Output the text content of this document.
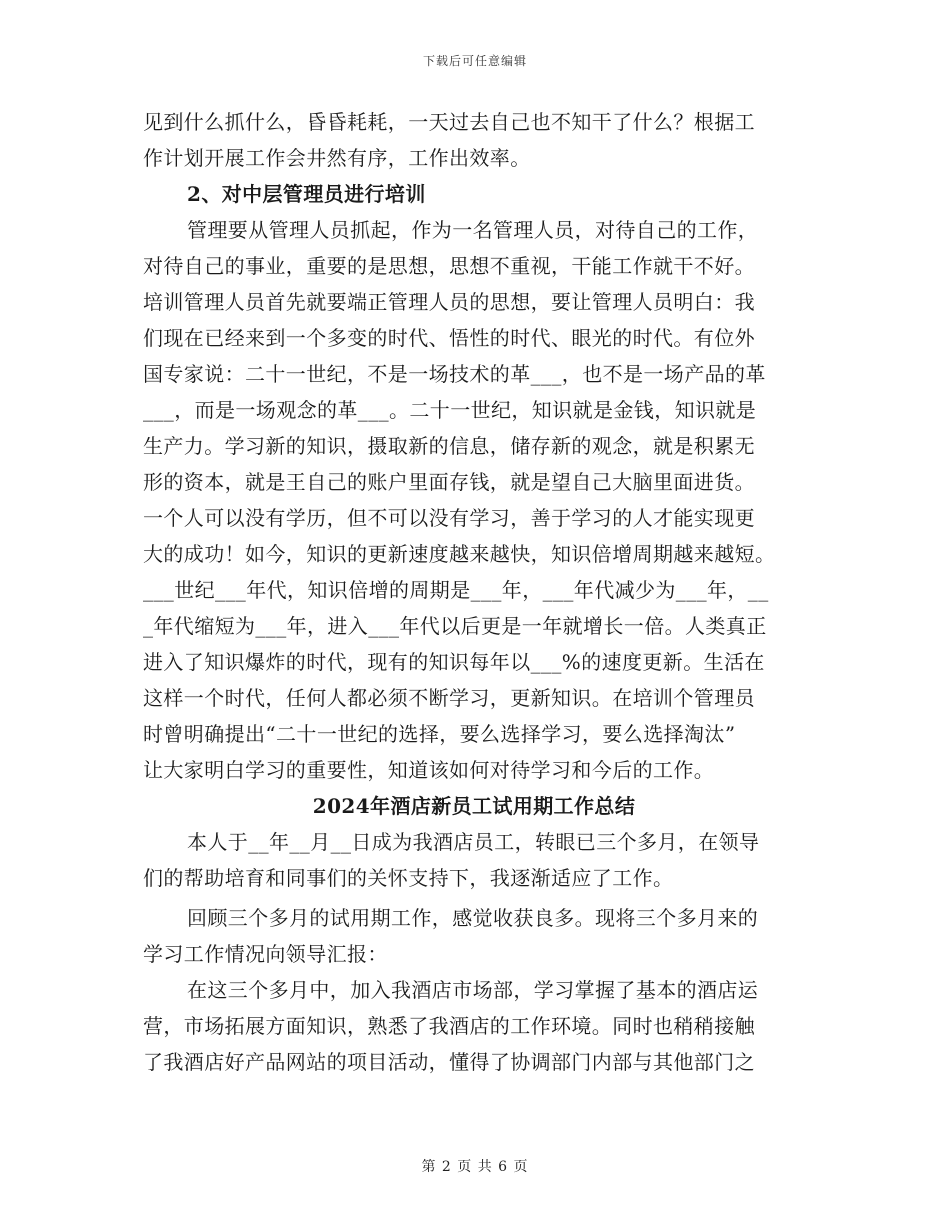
下载后可任意编辑
见到什么抓什么，昏昏耗耗，一天过去自己也不知干了什么？根据工
作计划开展工作会井然有序，工作出效率。
2、对中层管理员进行培训
管理要从管理人员抓起，作为一名管理人员，对待自己的工作，
对待自己的事业，重要的是思想，思想不重视，干能工作就干不好。
培训管理人员首先就要端正管理人员的思想，要让管理人员明白：我
们现在已经来到一个多变的时代、悟性的时代、眼光的时代。有位外
国专家说：二十一世纪，不是一场技术的革___，也不是一场产品的革
___，而是一场观念的革___。二十一世纪，知识就是金钱，知识就是
生产力。学习新的知识，摄取新的信息，储存新的观念，就是积累无
形的资本，就是王自己的账户里面存钱，就是望自己大脑里面进货。
一个人可以没有学历，但不可以没有学习，善于学习的人才能实现更
大的成功！如今，知识的更新速度越来越快，知识倍增周期越来越短。
___世纪___年代，知识倍增的周期是___年，___年代减少为___年，__
_年代缩短为___年，进入___年代以后更是一年就增长一倍。人类真正
进入了知识爆炸的时代，现有的知识每年以___%的速度更新。生活在
这样一个时代，任何人都必须不断学习，更新知识。在培训个管理员
时曾明确提出“二十一世纪的选择，要么选择学习，要么选择淘汰”
让大家明白学习的重要性，知道该如何对待学习和今后的工作。
2024年酒店新员工试用期工作总结
本人于__年__月__日成为我酒店员工，转眼已三个多月，在领导
们的帮助培育和同事们的关怀支持下，我逐渐适应了工作。
回顾三个多月的试用期工作，感觉收获良多。现将三个多月来的
学习工作情况向领导汇报：
在这三个多月中，加入我酒店市场部，学习掌握了基本的酒店运
营，市场拓展方面知识，熟悉了我酒店的工作环境。同时也稍稍接触
了我酒店好产品网站的项目活动，懂得了协调部门内部与其他部门之
第 2 页 共 6 页
